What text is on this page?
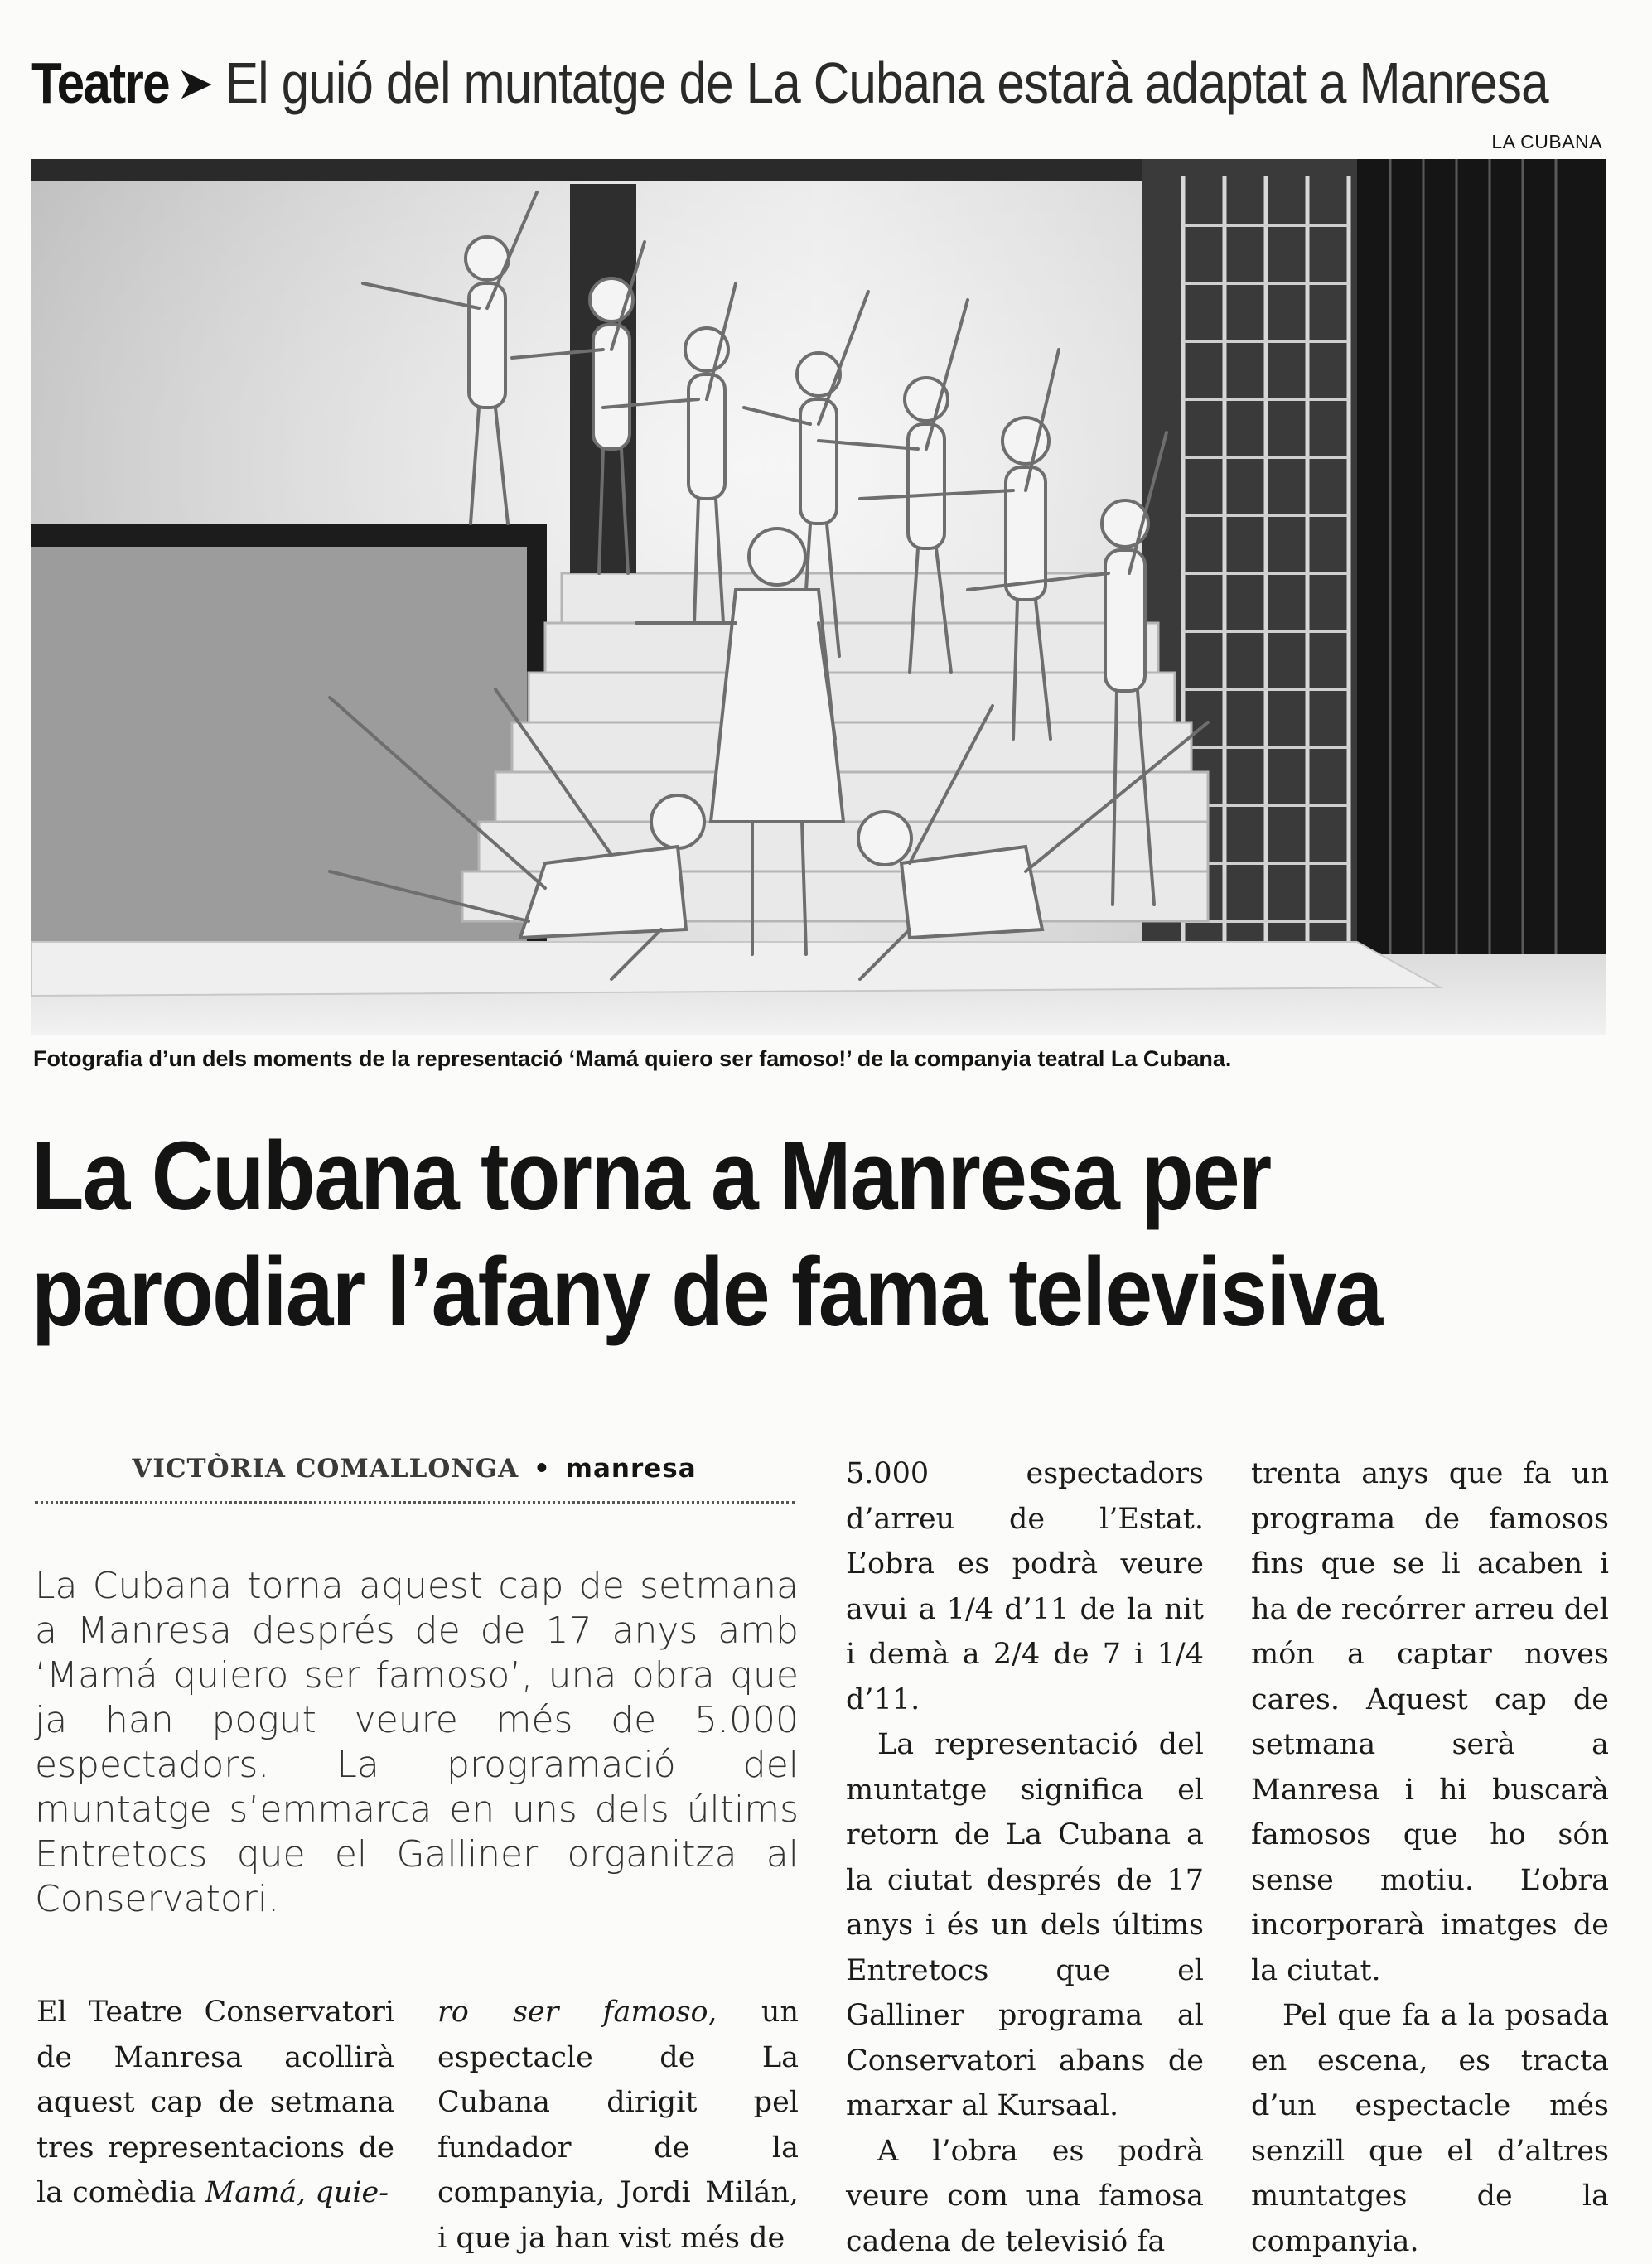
Teatre ➤ El guió del muntatge de La Cubana estarà adaptat a Manresa
LA CUBANA
Fotografia d’un dels moments de la representació ‘Mamá quiero ser famoso!’ de la companyia teatral La Cubana.
La Cubana torna a Manresa per
parodiar l’afany de fama televisiva
VICTÒRIA COMALLONGA • manresa

La Cubana torna aquest cap de setmana a Manresa després de de 17 anys amb ‘Mamá quiero ser famoso’, una obra que ja han pogut veure més de 5.000 espectadors. La programació del muntatge s’emmarca en uns dels últims Entretocs que el Galliner organitza al Conservatori.

El Teatre Conservatori de Manresa acollirà aquest cap de setmana tres representacions de la comèdia Mamá, quie-

ro ser famoso, un espectacle de La Cubana dirigit pel fundador de la companyia, Jordi Milán, i que ja han vist més de

5.000 espectadors d’arreu de l’Estat. L’obra es podrà veure avui a 1/4 d’11 de la nit i demà a 2/4 de 7 i 1/4 d’11.

La representació del muntatge significa el retorn de La Cubana a la ciutat després de 17 anys i és un dels últims Entretocs que el Galliner programa al Conservatori abans de marxar al Kursaal.

A l’obra es podrà veure com una famosa cadena de televisió fa

trenta anys que fa un programa de famosos fins que se li acaben i ha de recórrer arreu del món a captar noves cares. Aquest cap de setmana serà a Manresa i hi buscarà famosos que ho són sense motiu. L’obra incorporarà imatges de la ciutat.

Pel que fa a la posada en escena, es tracta d’un espectacle més senzill que el d’altres muntatges de la companyia.
